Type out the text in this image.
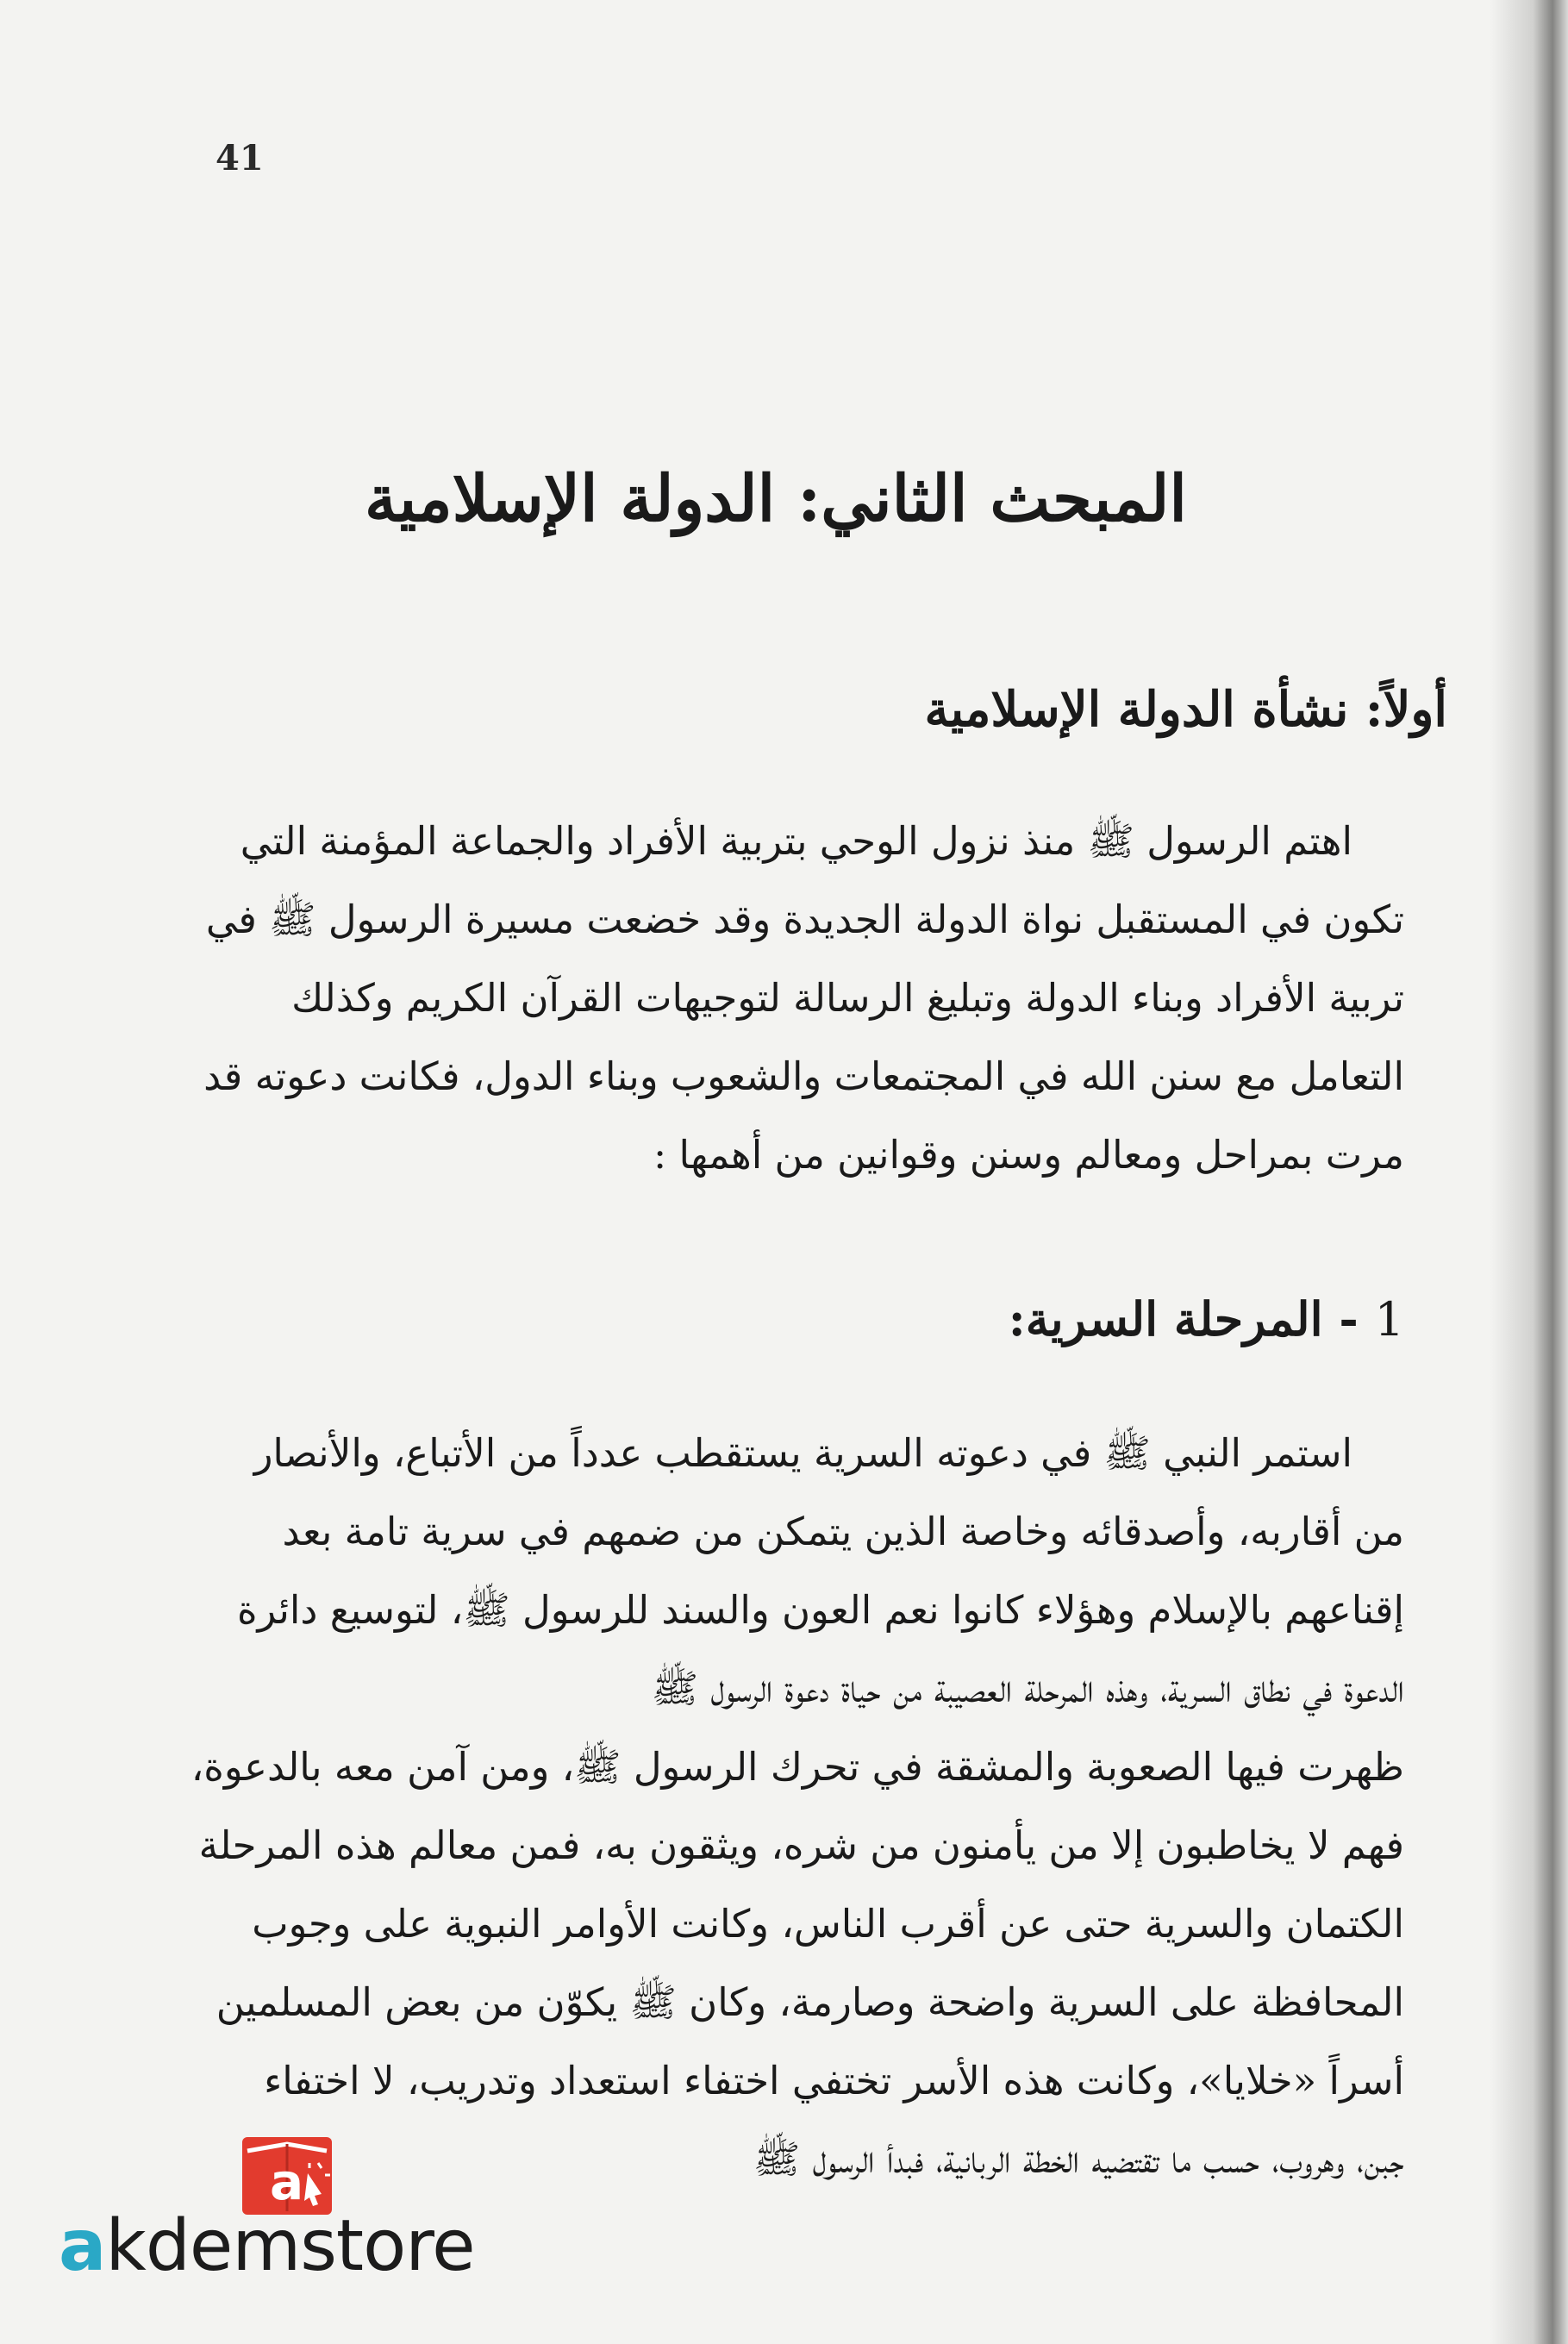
41
المبحث الثاني: الدولة الإسلامية
أولاً: نشأة الدولة الإسلامية
اهتم الرسول ﷺ منذ نزول الوحي بتربية الأفراد والجماعة المؤمنة التي
تكون في المستقبل نواة الدولة الجديدة وقد خضعت مسيرة الرسول ﷺ في
تربية الأفراد وبناء الدولة وتبليغ الرسالة لتوجيهات القرآن الكريم وكذلك
التعامل مع سنن الله في المجتمعات والشعوب وبناء الدول، فكانت دعوته قد
مرت بمراحل ومعالم وسنن وقوانين من أهمها :
1 - المرحلة السرية:
استمر النبي ﷺ في دعوته السرية يستقطب عدداً من الأتباع، والأنصار
من أقاربه، وأصدقائه وخاصة الذين يتمكن من ضمهم في سرية تامة بعد
إقناعهم بالإسلام وهؤلاء كانوا نعم العون والسند للرسول ﷺ، لتوسيع دائرة
الدعوة في نطاق السرية، وهذه المرحلة العصيبة من حياة دعوة الرسول ﷺ
ظهرت فيها الصعوبة والمشقة في تحرك الرسول ﷺ، ومن آمن معه بالدعوة،
فهم لا يخاطبون إلا من يأمنون من شره، ويثقون به، فمن معالم هذه المرحلة
الكتمان والسرية حتى عن أقرب الناس، وكانت الأوامر النبوية على وجوب
المحافظة على السرية واضحة وصارمة، وكان ﷺ يكوّن من بعض المسلمين
أسراً «خلايا»، وكانت هذه الأسر تختفي اختفاء استعداد وتدريب، لا اختفاء
جبن، وهروب، حسب ما تقتضيه الخطة الربانية، فبدأ الرسول ﷺ
a
akdemstore
